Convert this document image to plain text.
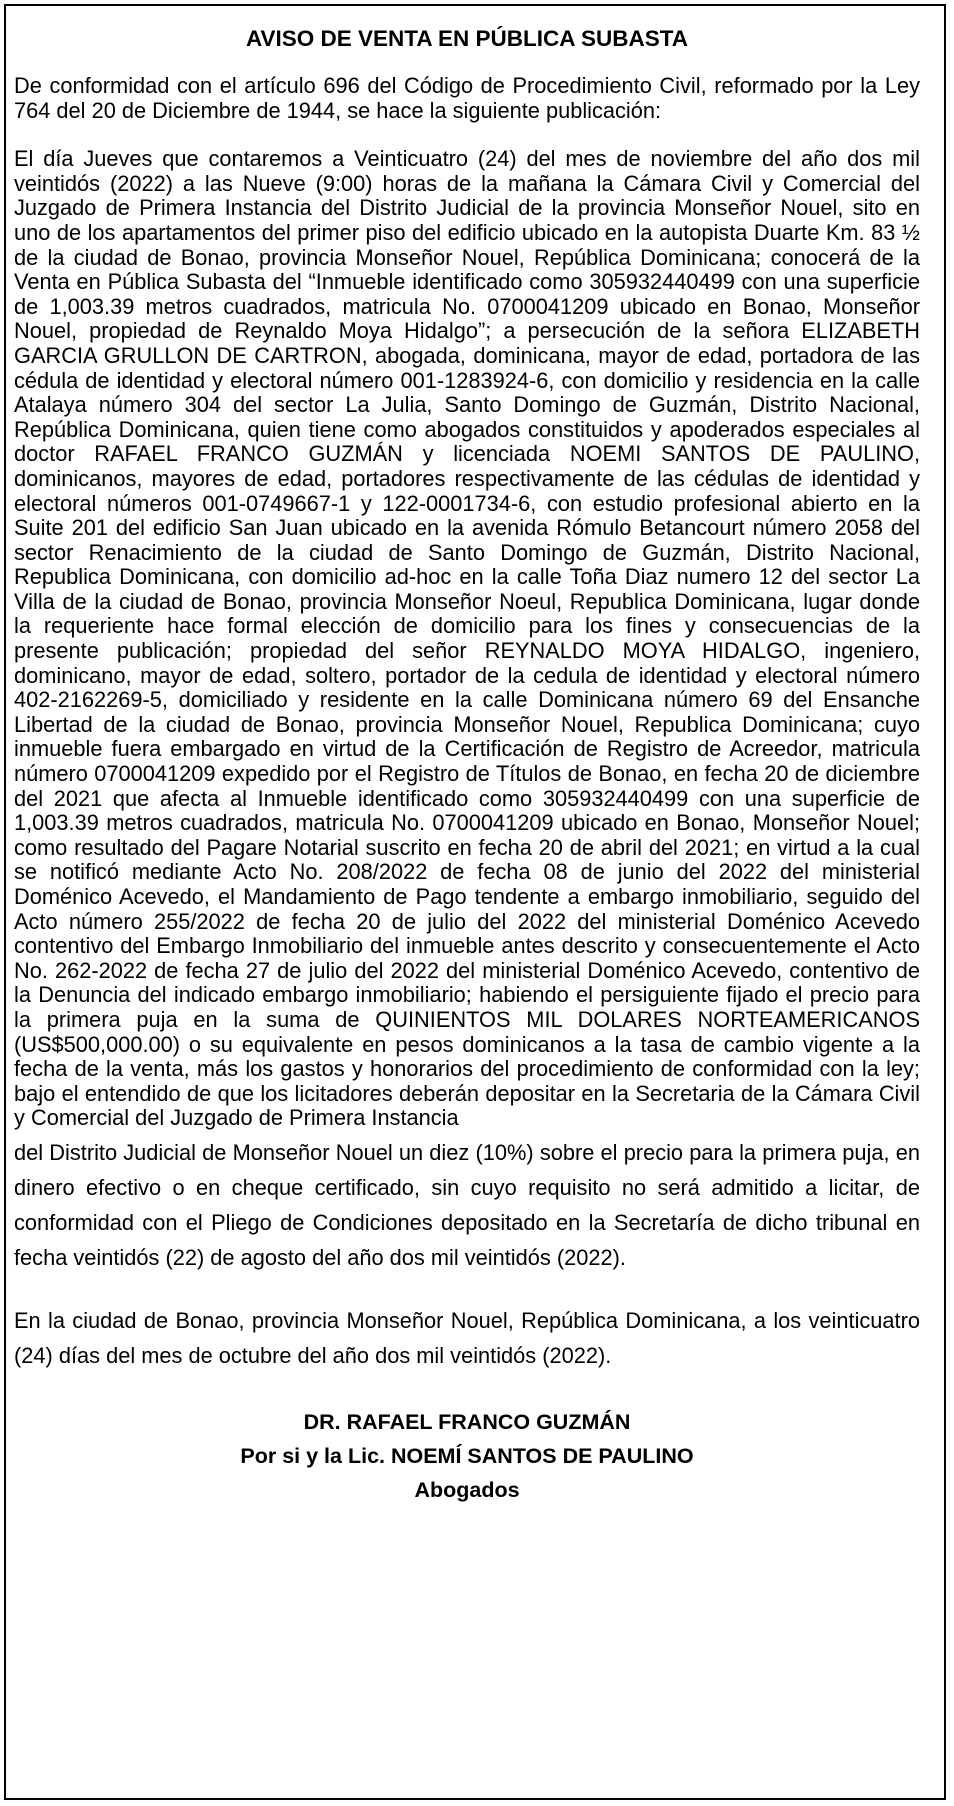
AVISO DE VENTA EN PÚBLICA SUBASTA

De conformidad con el artículo 696 del Código de Procedimiento Civil, reformado por la Ley 764 del 20 de Diciembre de 1944, se hace la siguiente publicación:

El día Jueves que contaremos a Veinticuatro (24) del mes de noviembre del año dos mil veintidós (2022) a las Nueve (9:00) horas de la mañana la Cámara Civil y Comercial del Juzgado de Primera Instancia del Distrito Judicial de la provincia Monseñor Nouel, sito en uno de los apartamentos del primer piso del edificio ubicado en la autopista Duarte Km. 83 ½ de la ciudad de Bonao, provincia Monseñor Nouel, República Dominicana; conocerá de la Venta en Pública Subasta del “Inmueble identificado como 305932440499 con una superficie de 1,003.39 metros cuadrados, matricula No. 0700041209 ubicado en Bonao, Monseñor Nouel, propiedad de Reynaldo Moya Hidalgo”; a persecución de la señora ELIZABETH GARCIA GRULLON DE CARTRON, abogada, dominicana, mayor de edad, portadora de las cédula de identidad y electoral número 001-1283924-6, con domicilio y residencia en la calle Atalaya número 304 del sector La Julia, Santo Domingo de Guzmán, Distrito Nacional, República Dominicana, quien tiene como abogados constituidos y apoderados especiales al doctor RAFAEL FRANCO GUZMÁN y licenciada NOEMI SANTOS DE PAULINO, dominicanos, mayores de edad, portadores respectivamente de las cédulas de identidad y electoral números 001-0749667-1 y 122-0001734-6, con estudio profesional abierto en la Suite 201 del edificio San Juan ubicado en la avenida Rómulo Betancourt número 2058 del sector Renacimiento de la ciudad de Santo Domingo de Guzmán, Distrito Nacional, Republica Dominicana, con domicilio ad-hoc en la calle Toña Diaz numero 12 del sector La Villa de la ciudad de Bonao, provincia Monseñor Noeul, Republica Dominicana, lugar donde la requeriente hace formal elección de domicilio para los fines y consecuencias de la presente publicación; propiedad del señor REYNALDO MOYA HIDALGO, ingeniero, dominicano, mayor de edad, soltero, portador de la cedula de identidad y electoral número 402-2162269-5, domiciliado y residente en la calle Dominicana número 69 del Ensanche Libertad de la ciudad de Bonao, provincia Monseñor Nouel, Republica Dominicana; cuyo inmueble fuera embargado en virtud de la Certificación de Registro de Acreedor, matricula número 0700041209 expedido por el Registro de Títulos de Bonao, en fecha 20 de diciembre del 2021 que afecta al Inmueble identificado como 305932440499 con una superficie de 1,003.39 metros cuadrados, matricula No. 0700041209 ubicado en Bonao, Monseñor Nouel; como resultado del Pagare Notarial suscrito en fecha 20 de abril del 2021; en virtud a la cual se notificó mediante Acto No. 208/2022 de fecha 08 de junio del 2022 del ministerial Doménico Acevedo, el Mandamiento de Pago tendente a embargo inmobiliario, seguido del Acto número 255/2022 de fecha 20 de julio del 2022 del ministerial Doménico Acevedo contentivo del Embargo Inmobiliario del inmueble antes descrito y consecuentemente el Acto No. 262-2022 de fecha 27 de julio del 2022 del ministerial Doménico Acevedo, contentivo de la Denuncia del indicado embargo inmobiliario; habiendo el persiguiente fijado el precio para la primera puja en la suma de QUINIENTOS MIL DOLARES NORTEAMERICANOS (US$500,000.00) o su equivalente en pesos dominicanos a la tasa de cambio vigente a la fecha de la venta, más los gastos y honorarios del procedimiento de conformidad con la ley; bajo el entendido de que los licitadores deberán depositar en la Secretaria de la Cámara Civil y Comercial del Juzgado de Primera Instancia

del Distrito Judicial de Monseñor Nouel un diez (10%) sobre el precio para la primera puja, en dinero efectivo o en cheque certificado, sin cuyo requisito no será admitido a licitar, de conformidad con el Pliego de Condiciones depositado en la Secretaría de dicho tribunal en fecha veintidós (22) de agosto del año dos mil veintidós (2022).

En la ciudad de Bonao, provincia Monseñor Nouel, República Dominicana, a los veinticuatro (24) días del mes de octubre del año dos mil veintidós (2022).

DR. RAFAEL FRANCO GUZMÁN
Por si y la Lic. NOEMÍ SANTOS DE PAULINO
Abogados
